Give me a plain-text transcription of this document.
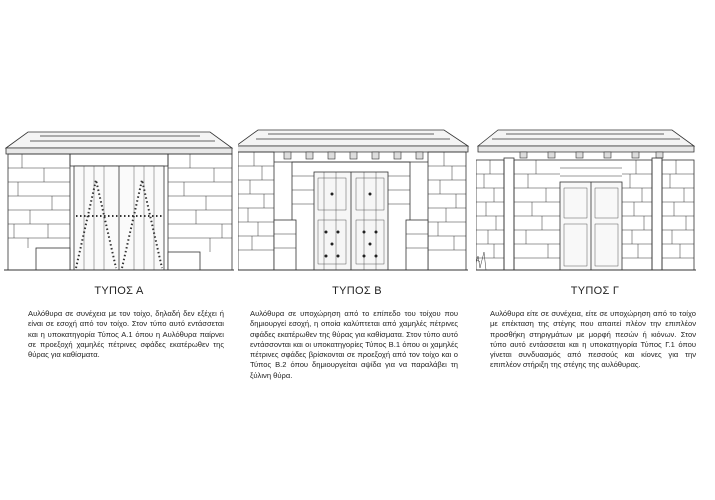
ΤΥΠΟΣ Α
Αυλόθυρα σε συνέχεια με τον τοίχο, δηλαδή δεν εξέχει ή είναι σε εσοχή από τον τοίχο. Στον τύπο αυτό εντάσσεται και η υποκατηγορία Τύπος Α.1 όπου η Αυλόθυρα παίρνει σε προεξοχή χαμηλές πέτρινες σφάδες εκατέρωθεν της θύρας για καθίσματα.
ΤΥΠΟΣ Β
Αυλόθυρα σε υποχώρηση από το επίπεδο του τοίχου που δημιουργεί εσοχή, η οποία καλύπτεται από χαμηλές πέτρινες σφάδες εκατέρωθεν της θύρας για καθίσματα. Στον τύπο αυτό εντάσσονται και οι υποκατηγορίες Τύπος Β.1 όπου οι χαμηλές πέτρινες σφάδες βρίσκονται σε προεξοχή από τον τοίχο και ο Τύπος Β.2 όπου δημιουργείται αψίδα για να παραλάβει τη ξύλινη θύρα.
ΤΥΠΟΣ Γ
Αυλόθυρα είτε σε συνέχεια, είτε σε υποχώρηση από το τοίχο με επέκταση της στέγης που απαιτεί πλέον την επιπλέον προσθήκη στηριγμάτων με μορφή πεσών ή κιόνων. Στον τύπο αυτό εντάσσεται και η υποκατηγορία Τύπος Γ.1 όπου γίνεται συνδυασμός από πεσσούς και κίονες για την επιπλέον στήριξη της στέγης της αυλόθυρας.
